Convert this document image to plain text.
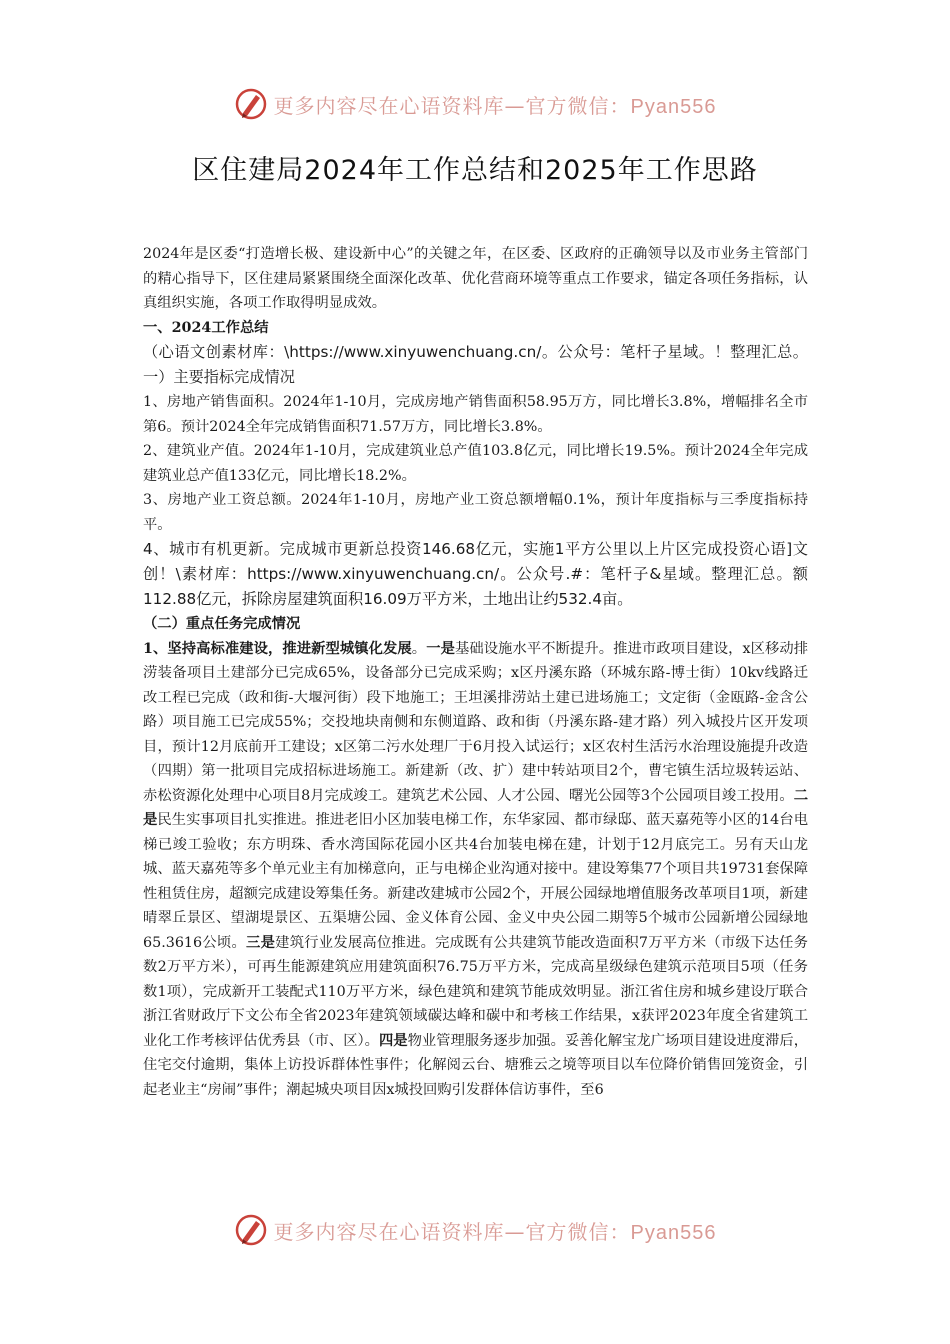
更多内容尽在心语资料库—官方微信：Pyan556
区住建局2024年工作总结和2025年工作思路

2024年是区委“打造增长极、建设新中心”的关键之年，在区委、区政府的正确领导以及市业务主管部门的精心指导下，区住建局紧紧围绕全面深化改革、优化营商环境等重点工作要求，锚定各项任务指标，认真组织实施，各项工作取得明显成效。

一、2024工作总结

（心语文创素材库：\https://www.xinyuwenchuang.cn/。公众号：笔杆子星域。！整理汇总。一）主要指标完成情况

1、房地产销售面积。2024年1-10月，完成房地产销售面积58.95万方，同比增长3.8%，增幅排名全市第6。预计2024全年完成销售面积71.57万方，同比增长3.8%。

2、建筑业产值。2024年1-10月，完成建筑业总产值103.8亿元，同比增长19.5%。预计2024全年完成建筑业总产值133亿元，同比增长18.2%。

3、房地产业工资总额。2024年1-10月，房地产业工资总额增幅0.1%，预计年度指标与三季度指标持平。

4、城市有机更新。完成城市更新总投资146.68亿元，实施1平方公里以上片区完成投资心语]文创！\素材库：https://www.xinyuwenchuang.cn/。公众号.#：笔杆子&星域。整理汇总。额112.88亿元，拆除房屋建筑面积16.09万平方米，土地出让约532.4亩。

（二）重点任务完成情况

1、坚持高标准建设，推进新型城镇化发展。一是基础设施水平不断提升。推进市政项目建设，x区移动排涝装备项目土建部分已完成65%，设备部分已完成采购；x区丹溪东路（环城东路-博士街）10kv线路迁改工程已完成（政和街-大堰河街）段下地施工；王坦溪排涝站土建已进场施工；文定街（金瓯路-金含公路）项目施工已完成55%；交投地块南侧和东侧道路、政和街（丹溪东路-建才路）列入城投片区开发项目，预计12月底前开工建设；x区第二污水处理厂于6月投入试运行；x区农村生活污水治理设施提升改造（四期）第一批项目完成招标进场施工。新建新（改、扩）建中转站项目2个，曹宅镇生活垃圾转运站、赤松资源化处理中心项目8月完成竣工。建筑艺术公园、人才公园、曙光公园等3个公园项目竣工投用。二是民生实事项目扎实推进。推进老旧小区加装电梯工作，东华家园、都市绿邸、蓝天嘉苑等小区的14台电梯已竣工验收；东方明珠、香水湾国际花园小区共4台加装电梯在建，计划于12月底完工。另有天山龙城、蓝天嘉苑等多个单元业主有加梯意向，正与电梯企业沟通对接中。建设筹集77个项目共19731套保障性租赁住房，超额完成建设筹集任务。新建改建城市公园2个，开展公园绿地增值服务改革项目1项，新建晴翠丘景区、望湖堤景区、五渠塘公园、金义体育公园、金义中央公园二期等5个城市公园新增公园绿地65.3616公顷。三是建筑行业发展高位推进。完成既有公共建筑节能改造面积7万平方米（市级下达任务数2万平方米），可再生能源建筑应用建筑面积76.75万平方米，完成高星级绿色建筑示范项目5项（任务数1项），完成新开工装配式110万平方米，绿色建筑和建筑节能成效明显。浙江省住房和城乡建设厅联合浙江省财政厅下文公布全省2023年建筑领域碳达峰和碳中和考核工作结果，x获评2023年度全省建筑工业化工作考核评估优秀县（市、区）。四是物业管理服务逐步加强。妥善化解宝龙广场项目建设进度滞后，住宅交付逾期，集体上访投诉群体性事件；化解阅云台、塘雅云之境等项目以车位降价销售回笼资金，引起老业主“房闹”事件；潮起城央项目因x城投回购引发群体信访事件，至6

更多内容尽在心语资料库—官方微信：Pyan556
